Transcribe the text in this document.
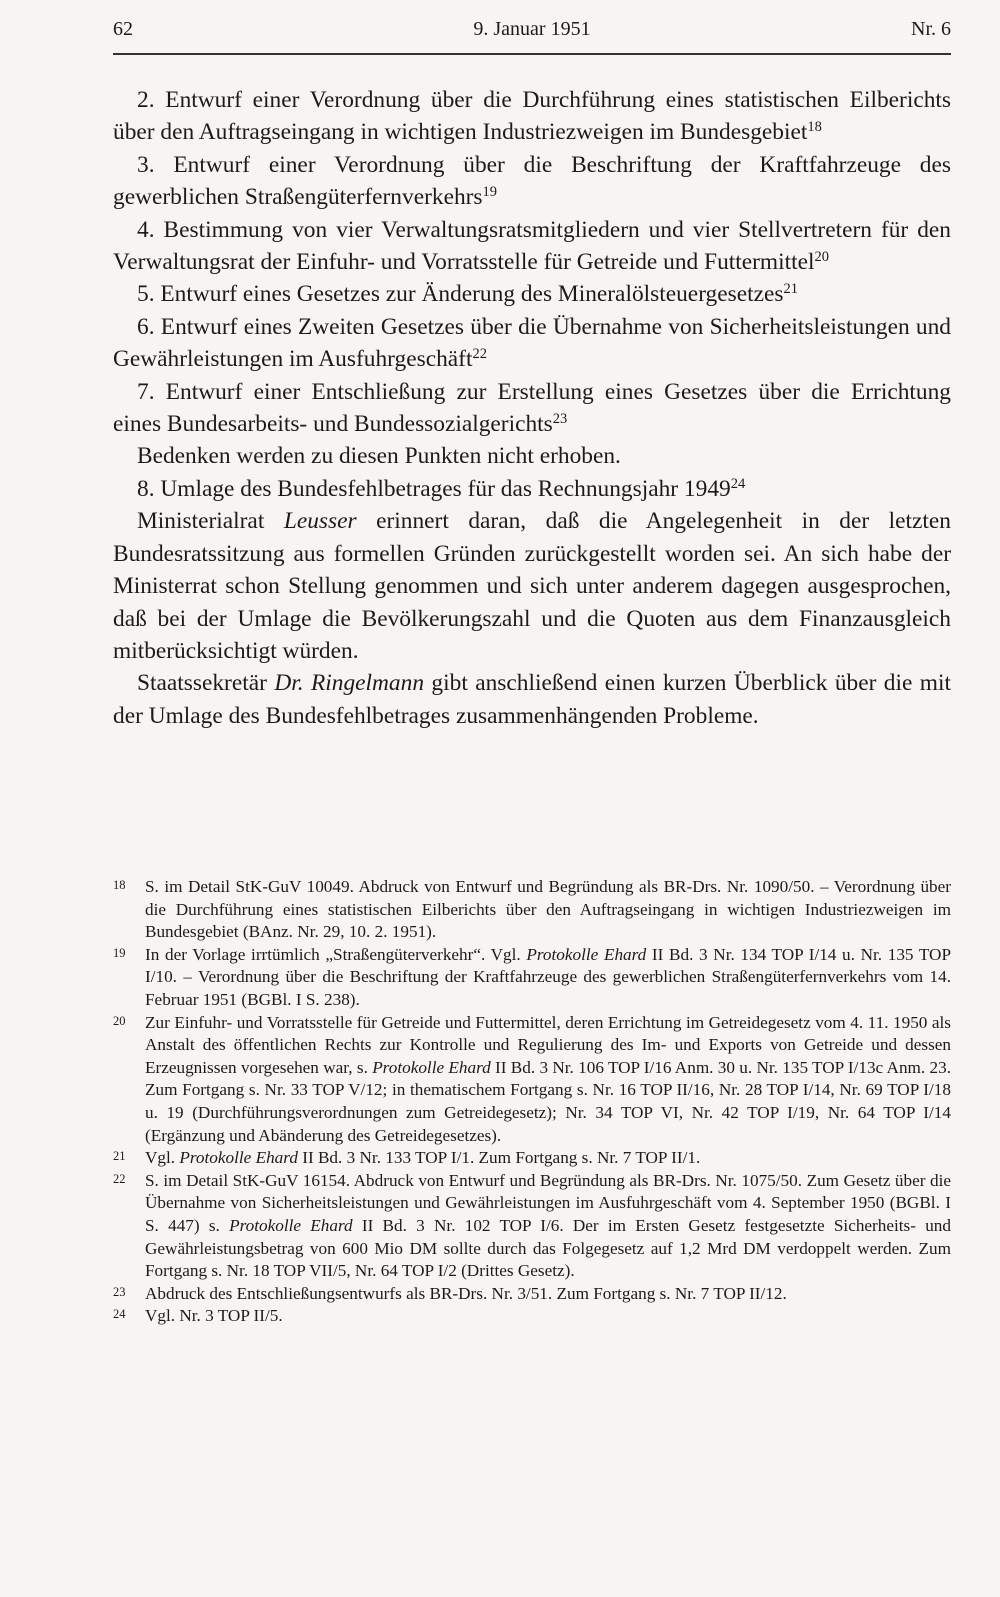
62	9. Januar 1951	Nr. 6

2. Entwurf einer Verordnung über die Durchführung eines statistischen Eilberichts über den Auftragseingang in wichtigen Industriezweigen im Bundesgebiet$^{18}$

3. Entwurf einer Verordnung über die Beschriftung der Kraftfahrzeuge des gewerblichen Straßengüterfernverkehrs$^{19}$

4. Bestimmung von vier Verwaltungsratsmitgliedern und vier Stellvertretern für den Verwaltungsrat der Einfuhr- und Vorratsstelle für Getreide und Futtermittel$^{20}$

5. Entwurf eines Gesetzes zur Änderung des Mineralölsteuergesetzes$^{21}$

6. Entwurf eines Zweiten Gesetzes über die Übernahme von Sicherheitsleistungen und Gewährleistungen im Ausfuhrgeschäft$^{22}$

7. Entwurf einer Entschließung zur Erstellung eines Gesetzes über die Errichtung eines Bundesarbeits- und Bundessozialgerichts$^{23}$

Bedenken werden zu diesen Punkten nicht erhoben.

8. Umlage des Bundesfehlbetrages für das Rechnungsjahr 1949$^{24}$

Ministerialrat Leusser erinnert daran, daß die Angelegenheit in der letzten Bundesratssitzung aus formellen Gründen zurückgestellt worden sei. An sich habe der Ministerrat schon Stellung genommen und sich unter anderem dagegen ausgesprochen, daß bei der Umlage die Bevölkerungszahl und die Quoten aus dem Finanzausgleich mitberücksichtigt würden.

Staatssekretär Dr. Ringelmann gibt anschließend einen kurzen Überblick über die mit der Umlage des Bundesfehlbetrages zusammenhängenden Probleme.

18 S. im Detail StK-GuV 10049. Abdruck von Entwurf und Begründung als BR-Drs. Nr. 1090/50. – Verordnung über die Durchführung eines statistischen Eilberichts über den Auftragseingang in wichtigen Industriezweigen im Bundesgebiet (BAnz. Nr. 29, 10. 2. 1951).

19 In der Vorlage irrtümlich „Straßengüterverkehr“. Vgl. Protokolle Ehard II Bd. 3 Nr. 134 TOP I/14 u. Nr. 135 TOP I/10. – Verordnung über die Beschriftung der Kraftfahrzeuge des gewerblichen Straßengüterfernverkehrs vom 14. Februar 1951 (BGBl. I S. 238).

20 Zur Einfuhr- und Vorratsstelle für Getreide und Futtermittel, deren Errichtung im Getreidegesetz vom 4. 11. 1950 als Anstalt des öffentlichen Rechts zur Kontrolle und Regulierung des Im- und Exports von Getreide und dessen Erzeugnissen vorgesehen war, s. Protokolle Ehard II Bd. 3 Nr. 106 TOP I/16 Anm. 30 u. Nr. 135 TOP I/13c Anm. 23. Zum Fortgang s. Nr. 33 TOP V/12; in thematischem Fortgang s. Nr. 16 TOP II/16, Nr. 28 TOP I/14, Nr. 69 TOP I/18 u. 19 (Durchführungsverordnungen zum Getreidegesetz); Nr. 34 TOP VI, Nr. 42 TOP I/19, Nr. 64 TOP I/14 (Ergänzung und Abänderung des Getreidegesetzes).

21 Vgl. Protokolle Ehard II Bd. 3 Nr. 133 TOP I/1. Zum Fortgang s. Nr. 7 TOP II/1.

22 S. im Detail StK-GuV 16154. Abdruck von Entwurf und Begründung als BR-Drs. Nr. 1075/50. Zum Gesetz über die Übernahme von Sicherheitsleistungen und Gewährleistungen im Ausfuhrgeschäft vom 4. September 1950 (BGBl. I S. 447) s. Protokolle Ehard II Bd. 3 Nr. 102 TOP I/6. Der im Ersten Gesetz festgesetzte Sicherheits- und Gewährleistungsbetrag von 600 Mio DM sollte durch das Folgegesetz auf 1,2 Mrd DM verdoppelt werden. Zum Fortgang s. Nr. 18 TOP VII/5, Nr. 64 TOP I/2 (Drittes Gesetz).

23 Abdruck des Entschließungsentwurfs als BR-Drs. Nr. 3/51. Zum Fortgang s. Nr. 7 TOP II/12.

24 Vgl. Nr. 3 TOP II/5.
